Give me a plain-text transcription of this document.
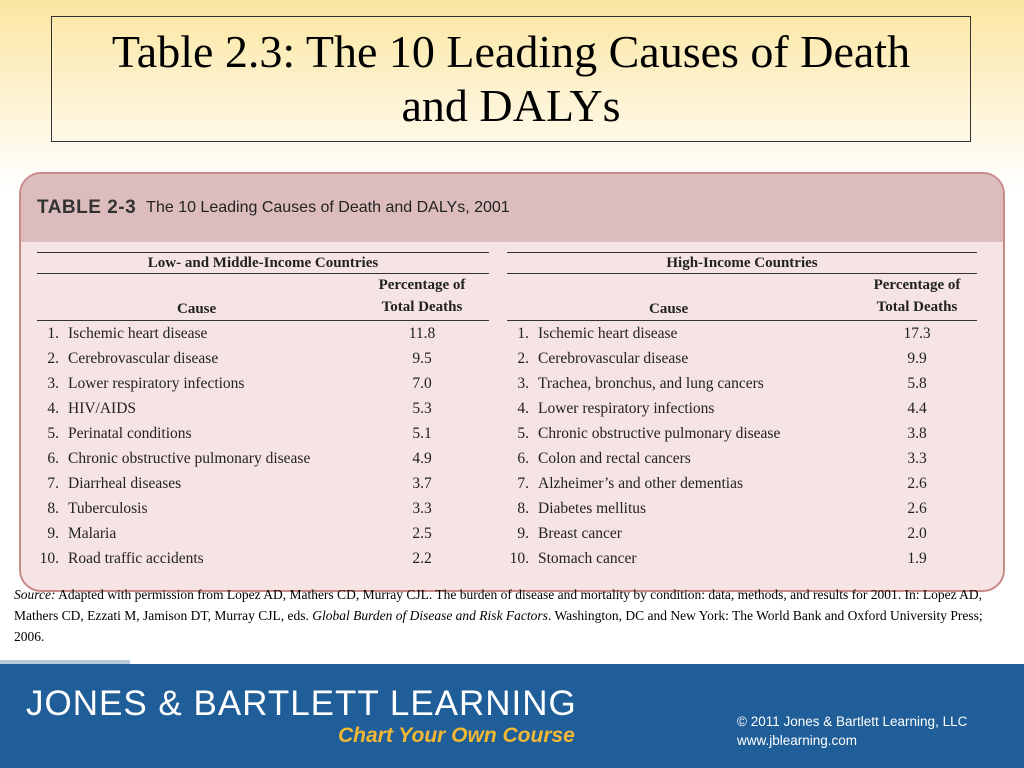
Table 2.3: The 10 Leading Causes of Death and DALYs
TABLE 2-3 The 10 Leading Causes of Death and DALYs, 2001
Low- and Middle-Income Countries
Cause
Percentage of
Total Deaths
1. Ischemic heart disease	11.8
2. Cerebrovascular disease	9.5
3. Lower respiratory infections	7.0
4. HIV/AIDS	5.3
5. Perinatal conditions	5.1
6. Chronic obstructive pulmonary disease	4.9
7. Diarrheal diseases	3.7
8. Tuberculosis	3.3
9. Malaria	2.5
10. Road traffic accidents	2.2
High-Income Countries
Cause
Percentage of
Total Deaths
1. Ischemic heart disease	17.3
2. Cerebrovascular disease	9.9
3. Trachea, bronchus, and lung cancers	5.8
4. Lower respiratory infections	4.4
5. Chronic obstructive pulmonary disease	3.8
6. Colon and rectal cancers	3.3
7. Alzheimer’s and other dementias	2.6
8. Diabetes mellitus	2.6
9. Breast cancer	2.0
10. Stomach cancer	1.9
Source: Adapted with permission from Lopez AD, Mathers CD, Murray CJL. The burden of disease and mortality by condition: data, methods, and results for 2001. In: Lopez AD, Mathers CD, Ezzati M, Jamison DT, Murray CJL, eds. Global Burden of Disease and Risk Factors. Washington, DC and New York: The World Bank and Oxford University Press; 2006.
JONES & BARTLETT LEARNING
Chart Your Own Course
© 2011 Jones & Bartlett Learning, LLC
www.jblearning.com
